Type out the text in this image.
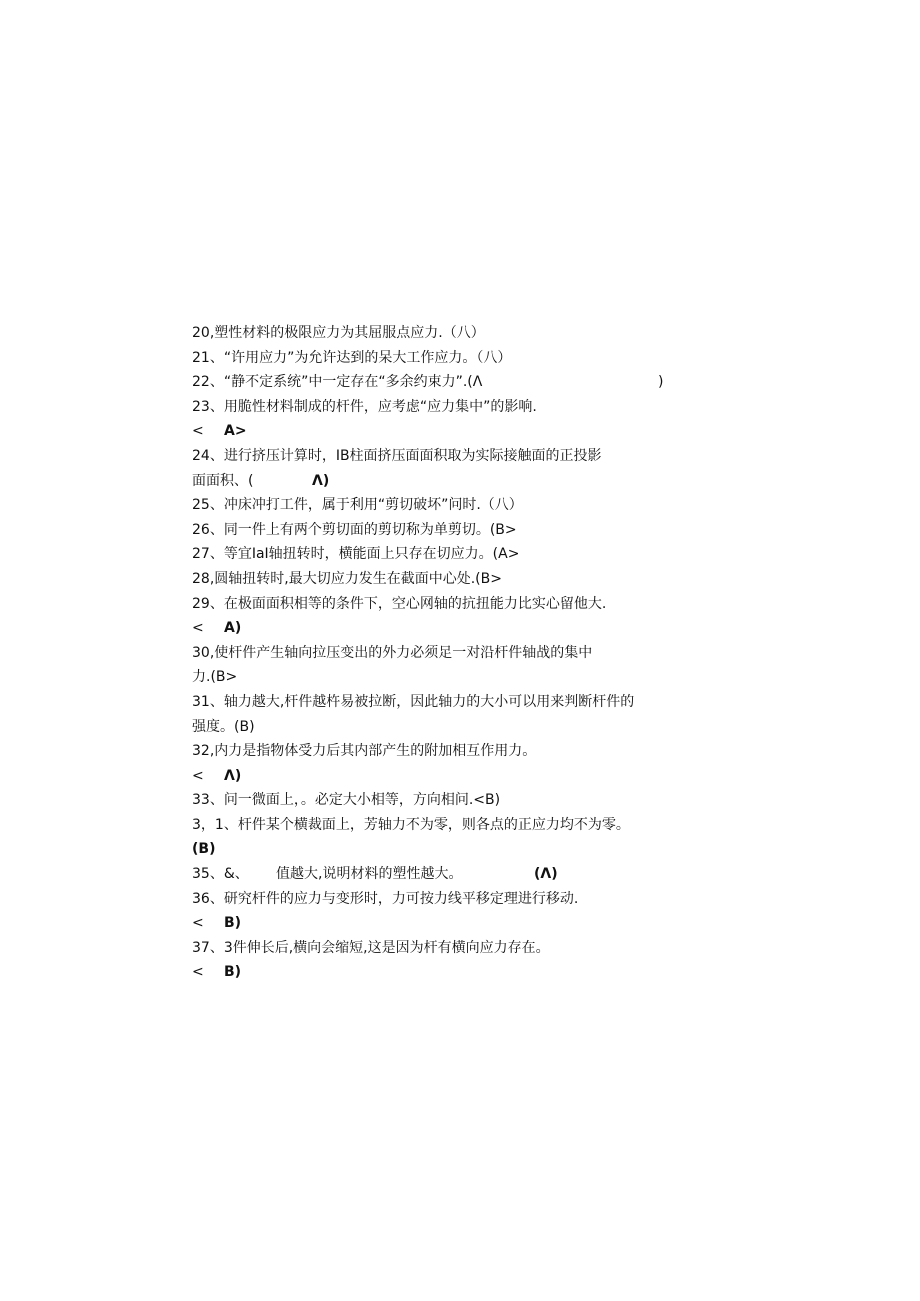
20,塑性材料的极限应力为其屈服点应力.（八）
21、“许用应力”为允许达到的呆大工作应力。（八）
22、“静不定系统”中一定存在“多余约束力”.(Λ	)
23、用脆性材料制成的杆件，应考虑“应力集中”的影响.
< A>
24、进行挤压计算时，IB柱面挤压面面积取为实际接触面的正投影
面面积、(	Λ)
25、冲床冲打工件，属于利用“剪切破坏”问时.（八）
26、同一件上有两个剪切面的剪切称为单剪切。(B>
27、等宜IaI轴扭转时，横能面上只存在切应力。(A>
28,圆轴扭转时,最大切应力发生在截面中心处.(B>
29、在极面面积相等的条件下，空心网轴的抗扭能力比实心留他大.
< A)
30,使杆件产生轴向拉压变出的外力必须足一对沿杆件轴战的集中
力.(B>
31、轴力越大,杆件越杵易被拉断，因此轴力的大小可以用来判断杆件的
强度。(B)
32,内力是指物体受力后其内部产生的附加相互作用力。
< Λ)
33、问一微面上，。必定大小相等，方向相问.<B)
3，1、杆件某个横裁面上，芳轴力不为零，则各点的正应力均不为零。
(B)
35、&、 值越大,说明材料的塑性越大。	(Λ)
36、研究杆件的应力与变形时，力可按力线平移定理进行移动.
< B)
37、3件伸长后,横向会缩短,这是因为杆有横向应力存在。
< B)
